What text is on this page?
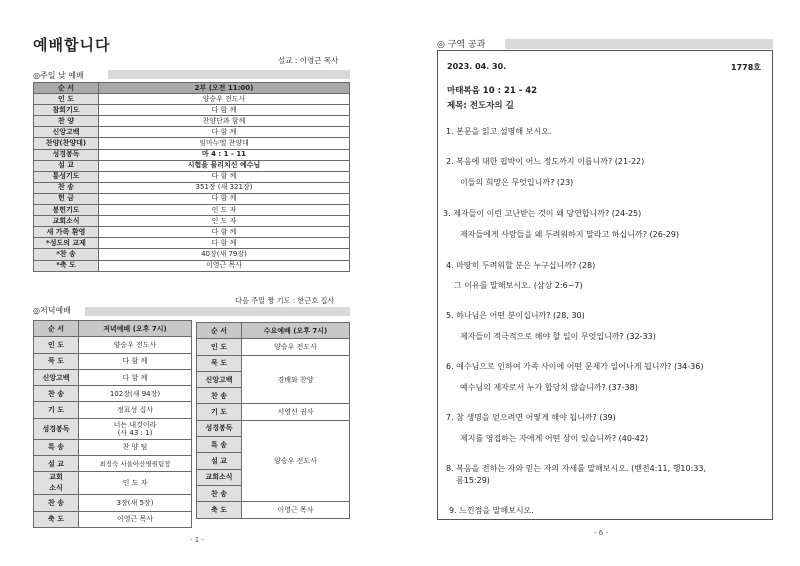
예배합니다
설교 : 이영근 목사
◎주일 낮 예배
순 서	2부 (오전 11:00)
인 도	양승우 전도사
참회기도	다 함 께
찬 양	찬양단과 함께
신앙고백	다 함 께
찬양(찬양대)	임마누엘 찬양대
성경봉독	마 4 : 1 - 11
설 교	시험을 물리치신 예수님
통성기도	다 함 께
찬 송	351장 (새 321장)
헌 금	다 함 께
봉헌기도	인 도 자
교회소식	인 도 자
새 가족 환영	다 함 께
*성도의 교제	다 함 께
*찬 송	40장(새 79장)
*축 도	이영근 목사
다음 주일 짱 기도 : 한근호 집사
◎저녁예배
순 서	저녁예배 (오후 7시)
인 도	양승우 전도사
묵 도	다 함 께
신앙고백	다 함 께
찬 송	102장(새 94장)
기 도	정표성 집사
성경봉독	너는 내것이라
(사 43 : 1)
특 송	찬 양 팀
설 교	최정숙 서울아산병원팀장
교회
소식	인 도 자
찬 송	3장(새 5장)
축 도	이영근 목사
순 서	수요예배 (오후 7시)
인 도	양승우 전도사
묵 도	경배와 찬양
신앙고백	
찬 송	
기 도	서영신 권사
성경봉독	양승우 전도사
특 송	
설 교	
교회소식	
찬 송	
축 도	이영근 목사
- 1 -
◎ 구역 공과
2023. 04. 30.	1778호
마태복음 10 : 21 - 42
제목: 전도자의 길
1. 본문을 읽고 설명해 보시오.
2. 복음에 대한 핍박이 어느 정도까지 이릅니까? (21-22)
이들의 희망은 무엇입니까? (23)
3. 제자들이 이런 고난받는 것이 왜 당연합니까? (24-25)
제자들에게 사람들을 왜 두려워하지 말라고 하십니까? (26-29)
4. 마땅히 두려워할 분은 누구십니까? (28)
그 이유를 말해보시오. (삼상 2:6~7)
5. 하나님은 어떤 분이십니까? (28, 30)
제자들이 적극적으로 해야 할 일이 무엇입니까? (32-33)
6. 예수님으로 인하여 가족 사이에 어떤 문제가 일어나게 됩니까? (34-36)
예수님의 제자로서 누가 합당치 않습니까? (37-38)
7. 참 생명을 얻으려면 어떻게 해야 됩니까? (39)
제지를 영접하는 자에게 어떤 상이 있습니까? (40-42)
8. 복음을 전하는 자와 믿는 자의 자세를 말해보시오. (벧전4:11, 행10:33,
롬15:29)
9. 느낀점을 말해보시오.
- 6 -
